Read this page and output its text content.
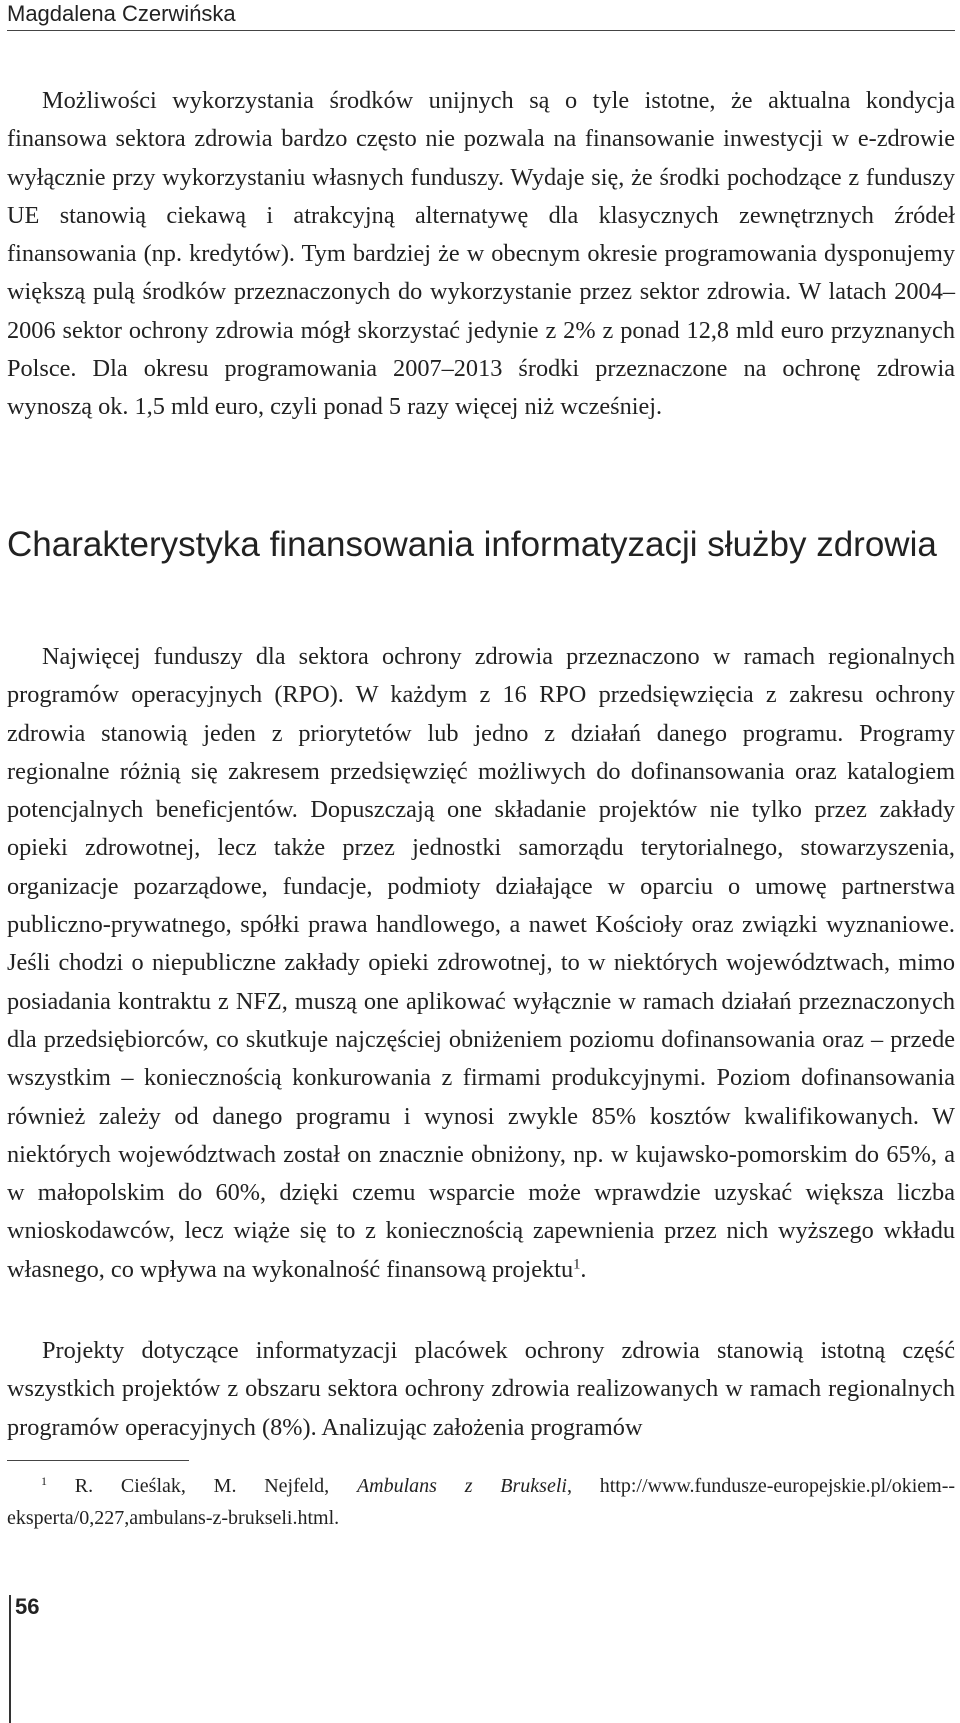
Magdalena Czerwińska

Możliwości wykorzystania środków unijnych są o tyle istotne, że aktualna kondycja finansowa sektora zdrowia bardzo często nie pozwala na finansowanie inwestycji w e-zdrowie wyłącznie przy wykorzystaniu własnych funduszy. Wydaje się, że środki pochodzące z funduszy UE stanowią ciekawą i atrakcyjną alternatywę dla klasycznych zewnętrznych źródeł finansowania (np. kredytów). Tym bardziej że w obecnym okresie programowania dysponujemy większą pulą środków przeznaczonych do wykorzystanie przez sektor zdrowia. W latach 2004–2006 sektor ochrony zdrowia mógł skorzystać jedynie z 2% z ponad 12,8 mld euro przyznanych Polsce. Dla okresu programowania 2007–2013 środki przeznaczone na ochronę zdrowia wynoszą ok. 1,5 mld euro, czyli ponad 5 razy więcej niż wcześniej.

Charakterystyka finansowania informatyzacji służby zdrowia

Najwięcej funduszy dla sektora ochrony zdrowia przeznaczono w ramach regionalnych programów operacyjnych (RPO). W każdym z 16 RPO przedsięwzięcia z zakresu ochrony zdrowia stanowią jeden z priorytetów lub jedno z działań danego programu. Programy regionalne różnią się zakresem przedsięwzięć możliwych do dofinansowania oraz katalogiem potencjalnych beneficjentów. Dopuszczają one składanie projektów nie tylko przez zakłady opieki zdrowotnej, lecz także przez jednostki samorządu terytorialnego, stowarzyszenia, organizacje pozarządowe, fundacje, podmioty działające w oparciu o umowę partnerstwa publiczno-prywatnego, spółki prawa handlowego, a nawet Kościoły oraz związki wyznaniowe. Jeśli chodzi o niepubliczne zakłady opieki zdrowotnej, to w niektórych województwach, mimo posiadania kontraktu z NFZ, muszą one aplikować wyłącznie w ramach działań przeznaczonych dla przedsiębiorców, co skutkuje najczęściej obniżeniem poziomu dofinansowania oraz – przede wszystkim – koniecznością konkurowania z firmami produkcyjnymi. Poziom dofinansowania również zależy od danego programu i wynosi zwykle 85% kosztów kwalifikowanych. W niektórych województwach został on znacznie obniżony, np. w kujawsko-pomorskim do 65%, a w małopolskim do 60%, dzięki czemu wsparcie może wprawdzie uzyskać większa liczba wnioskodawców, lecz wiąże się to z koniecznością zapewnienia przez nich wyższego wkładu własnego, co wpływa na wykonalność finansową projektu$^1$.

Projekty dotyczące informatyzacji placówek ochrony zdrowia stanowią istotną część wszystkich projektów z obszaru sektora ochrony zdrowia realizowanych w ramach regionalnych programów operacyjnych (8%). Analizując założenia programów

$^1$ R. Cieślak, M. Nejfeld, Ambulans z Brukseli, http://www.fundusze-europejskie.pl/okiem--eksperta/0,227,ambulans-z-brukseli.html.

56
